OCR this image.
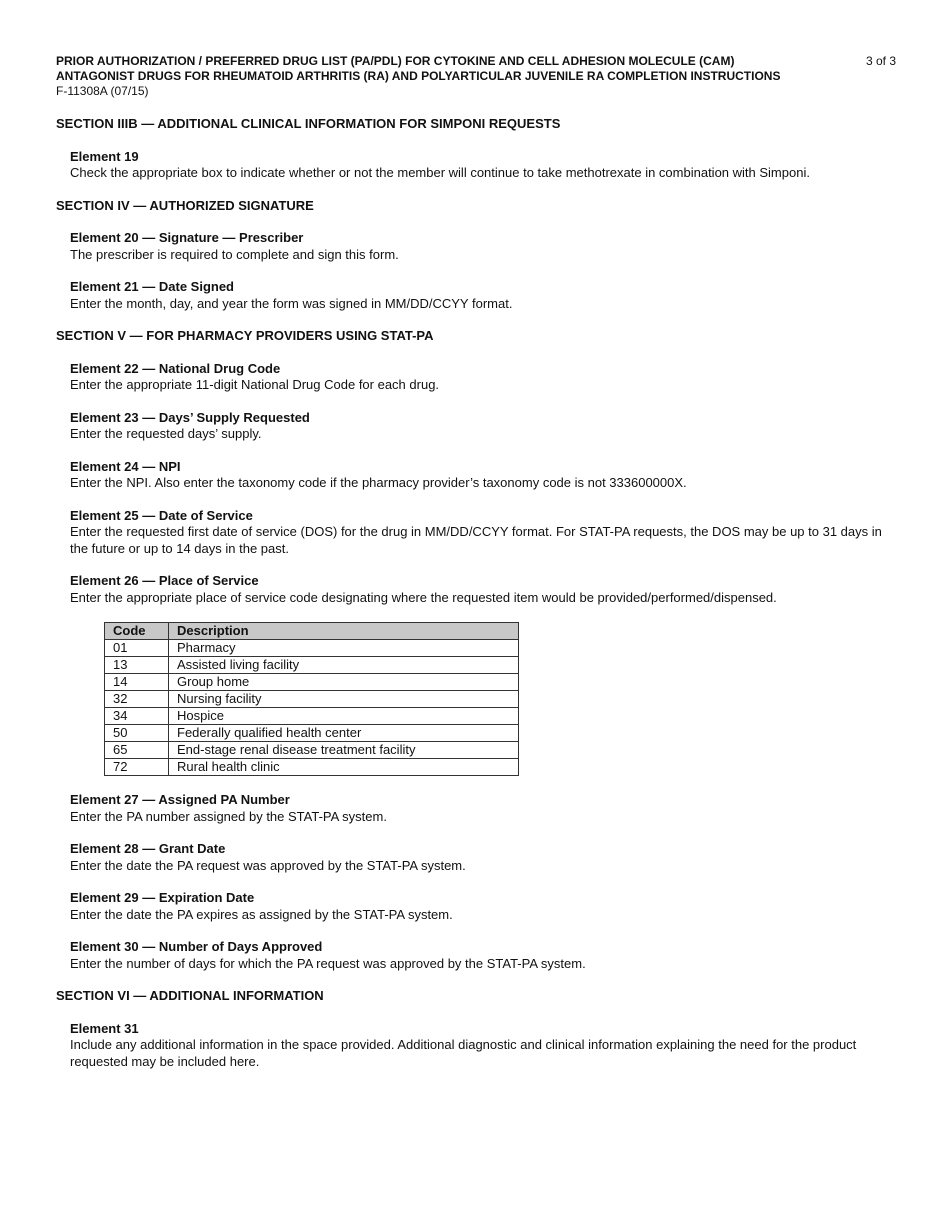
3 of 3
PRIOR AUTHORIZATION / PREFERRED DRUG LIST (PA/PDL) FOR CYTOKINE AND CELL ADHESION MOLECULE (CAM)
ANTAGONIST DRUGS FOR RHEUMATOID ARTHRITIS (RA) AND POLYARTICULAR JUVENILE RA COMPLETION INSTRUCTIONS
F-11308A (07/15)
SECTION IIIB — ADDITIONAL CLINICAL INFORMATION FOR SIMPONI REQUESTS
Element 19
Check the appropriate box to indicate whether or not the member will continue to take methotrexate in combination with Simponi.
SECTION IV — AUTHORIZED SIGNATURE
Element 20 — Signature — Prescriber
The prescriber is required to complete and sign this form.
Element 21 — Date Signed
Enter the month, day, and year the form was signed in MM/DD/CCYY format.
SECTION V — FOR PHARMACY PROVIDERS USING STAT-PA
Element 22 — National Drug Code
Enter the appropriate 11-digit National Drug Code for each drug.
Element 23 — Days’ Supply Requested
Enter the requested days’ supply.
Element 24 — NPI
Enter the NPI. Also enter the taxonomy code if the pharmacy provider’s taxonomy code is not 333600000X.
Element 25 — Date of Service
Enter the requested first date of service (DOS) for the drug in MM/DD/CCYY format. For STAT-PA requests, the DOS may be up to 31 days in the future or up to 14 days in the past.
Element 26 — Place of Service
Enter the appropriate place of service code designating where the requested item would be provided/performed/dispensed.
Code	Description
01	Pharmacy
13	Assisted living facility
14	Group home
32	Nursing facility
34	Hospice
50	Federally qualified health center
65	End-stage renal disease treatment facility
72	Rural health clinic
Element 27 — Assigned PA Number
Enter the PA number assigned by the STAT-PA system.
Element 28 — Grant Date
Enter the date the PA request was approved by the STAT-PA system.
Element 29 — Expiration Date
Enter the date the PA expires as assigned by the STAT-PA system.
Element 30 — Number of Days Approved
Enter the number of days for which the PA request was approved by the STAT-PA system.
SECTION VI — ADDITIONAL INFORMATION
Element 31
Include any additional information in the space provided. Additional diagnostic and clinical information explaining the need for the product requested may be included here.
